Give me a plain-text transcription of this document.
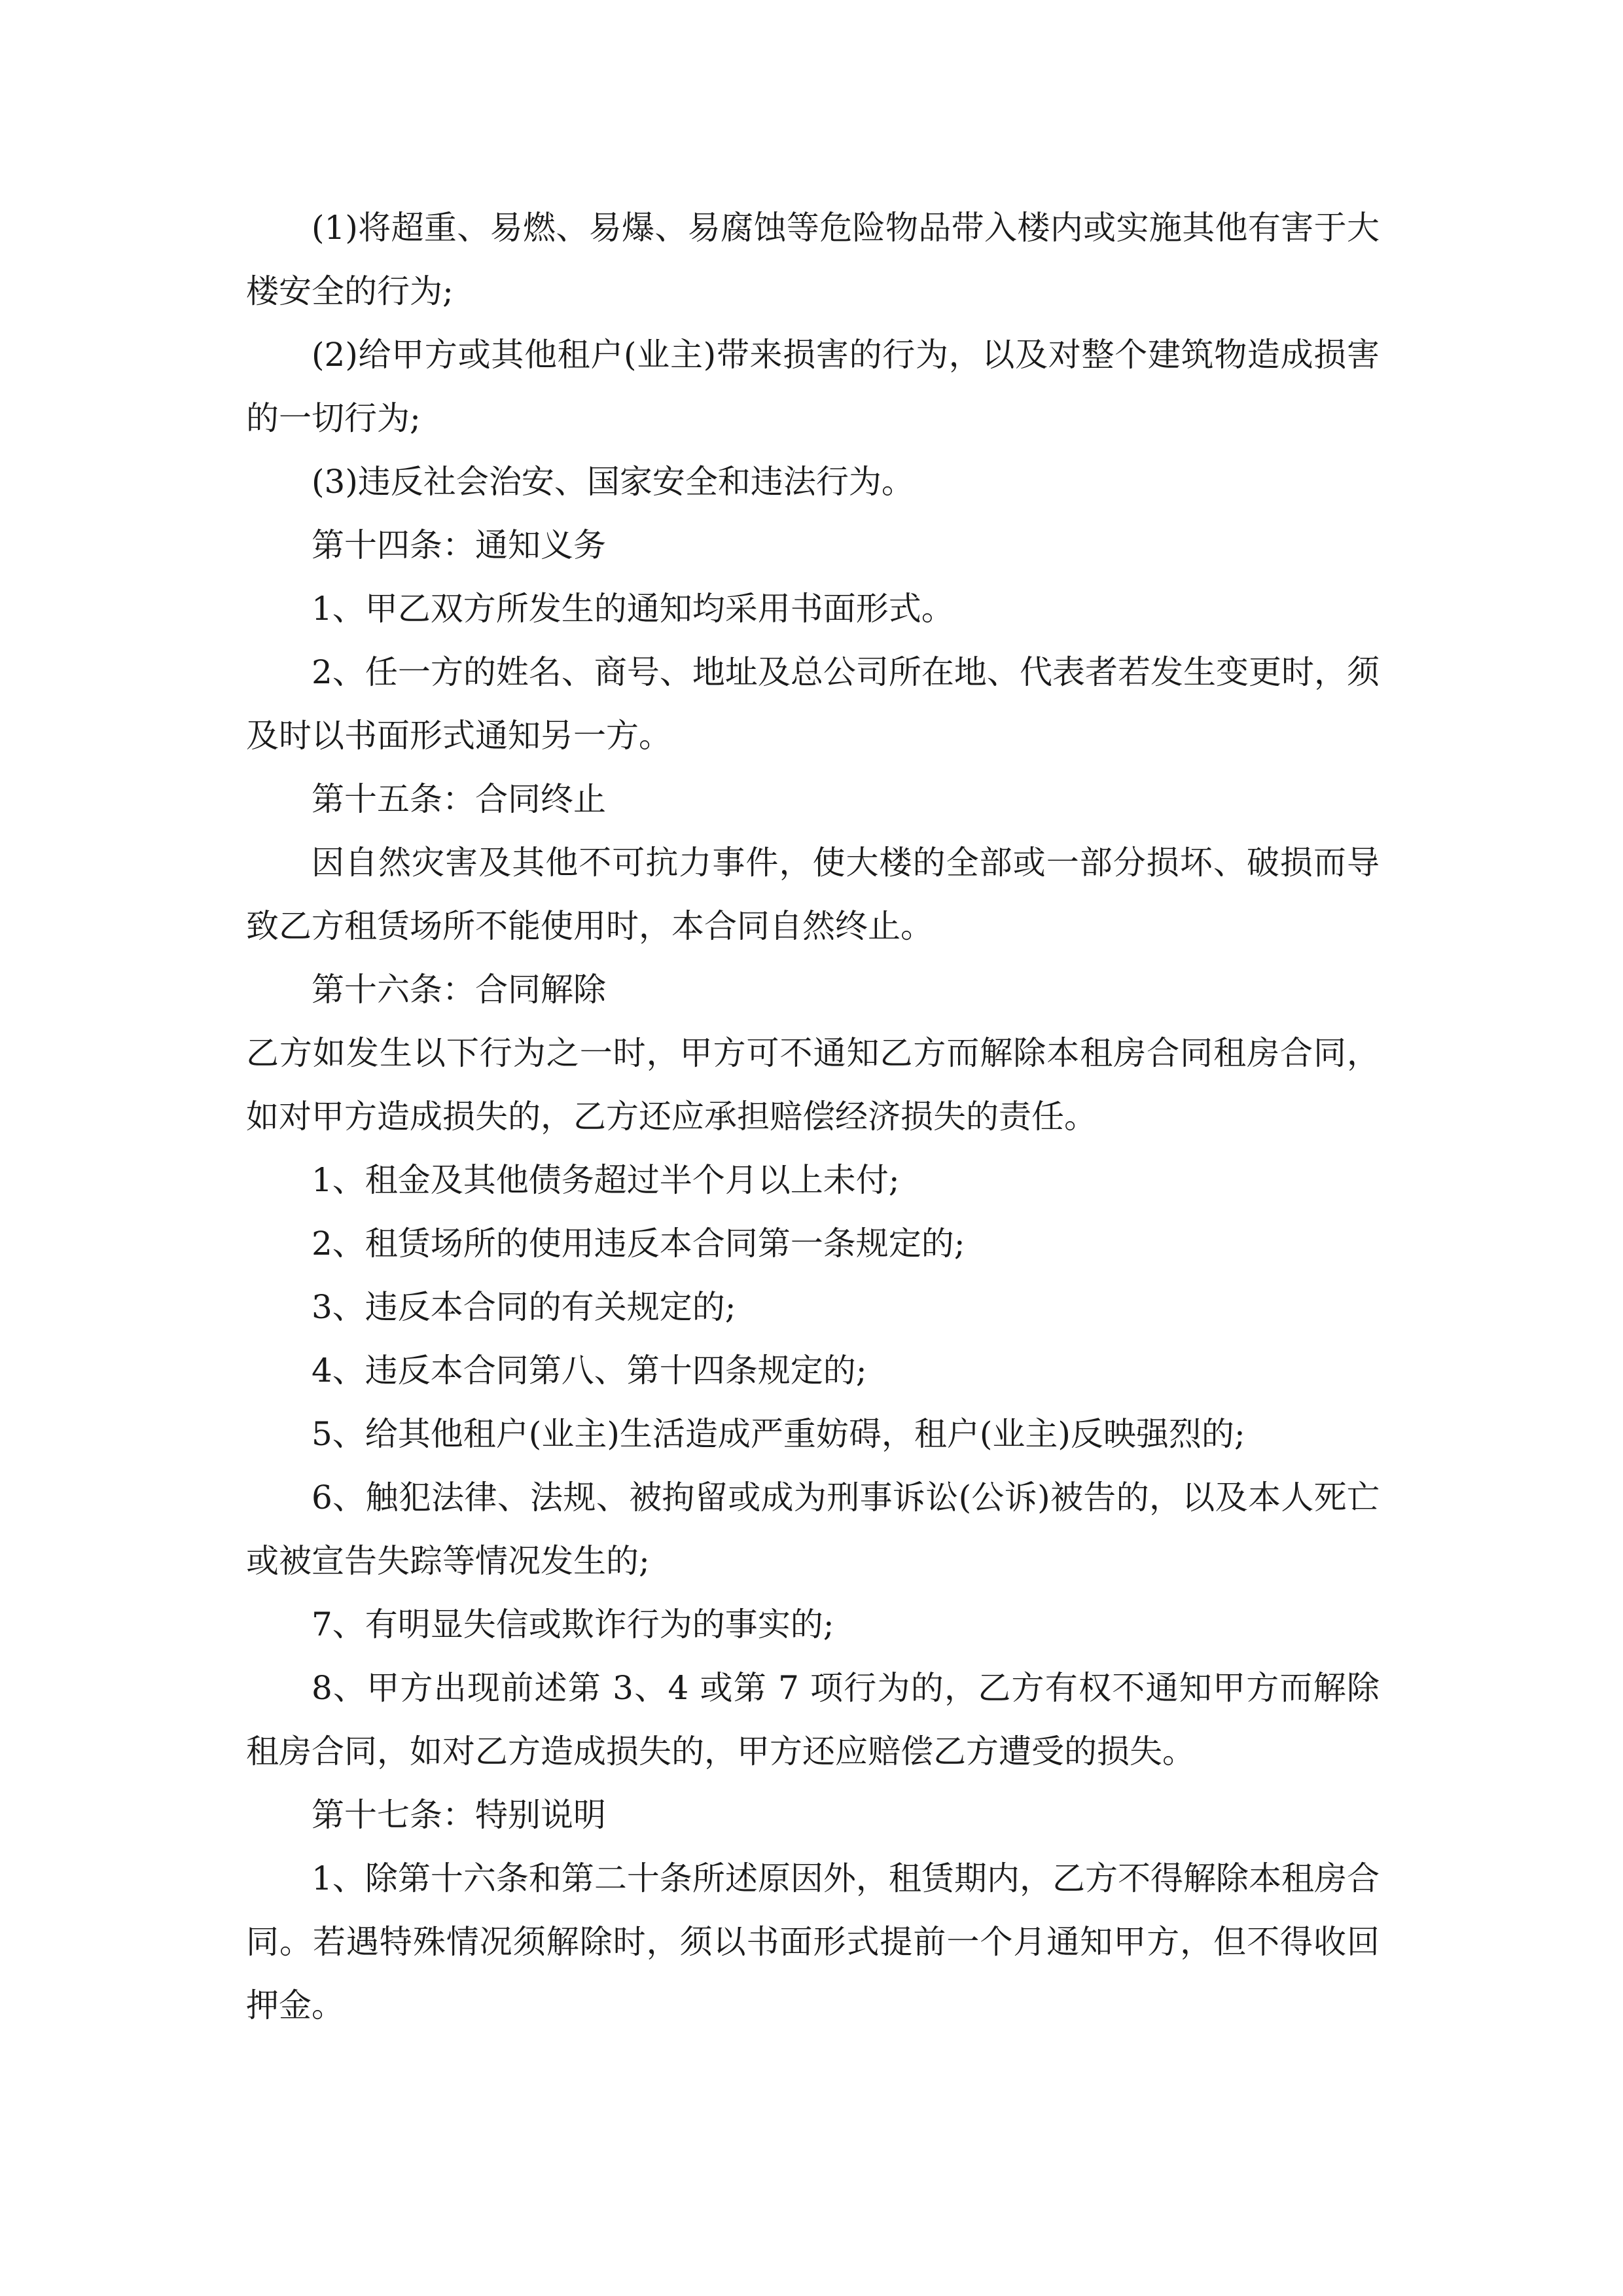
(1)将超重、易燃、易爆、易腐蚀等危险物品带入楼内或实施其他有害于大楼安全的行为;

(2)给甲方或其他租户(业主)带来损害的行为，以及对整个建筑物造成损害的一切行为;

(3)违反社会治安、国家安全和违法行为。

第十四条：通知义务

1、甲乙双方所发生的通知均采用书面形式。

2、任一方的姓名、商号、地址及总公司所在地、代表者若发生变更时，须及时以书面形式通知另一方。

第十五条：合同终止

因自然灾害及其他不可抗力事件，使大楼的全部或一部分损坏、破损而导致乙方租赁场所不能使用时，本合同自然终止。

第十六条：合同解除

乙方如发生以下行为之一时，甲方可不通知乙方而解除本租房合同租房合同，如对甲方造成损失的，乙方还应承担赔偿经济损失的责任。

1、租金及其他债务超过半个月以上未付;

2、租赁场所的使用违反本合同第一条规定的;

3、违反本合同的有关规定的;

4、违反本合同第八、第十四条规定的;

5、给其他租户(业主)生活造成严重妨碍，租户(业主)反映强烈的;

6、触犯法律、法规、被拘留或成为刑事诉讼(公诉)被告的，以及本人死亡或被宣告失踪等情况发生的;

7、有明显失信或欺诈行为的事实的;

8、甲方出现前述第 3、4 或第 7 项行为的，乙方有权不通知甲方而解除租房合同，如对乙方造成损失的，甲方还应赔偿乙方遭受的损失。

第十七条：特别说明

1、除第十六条和第二十条所述原因外，租赁期内，乙方不得解除本租房合同。若遇特殊情况须解除时，须以书面形式提前一个月通知甲方，但不得收回押金。
